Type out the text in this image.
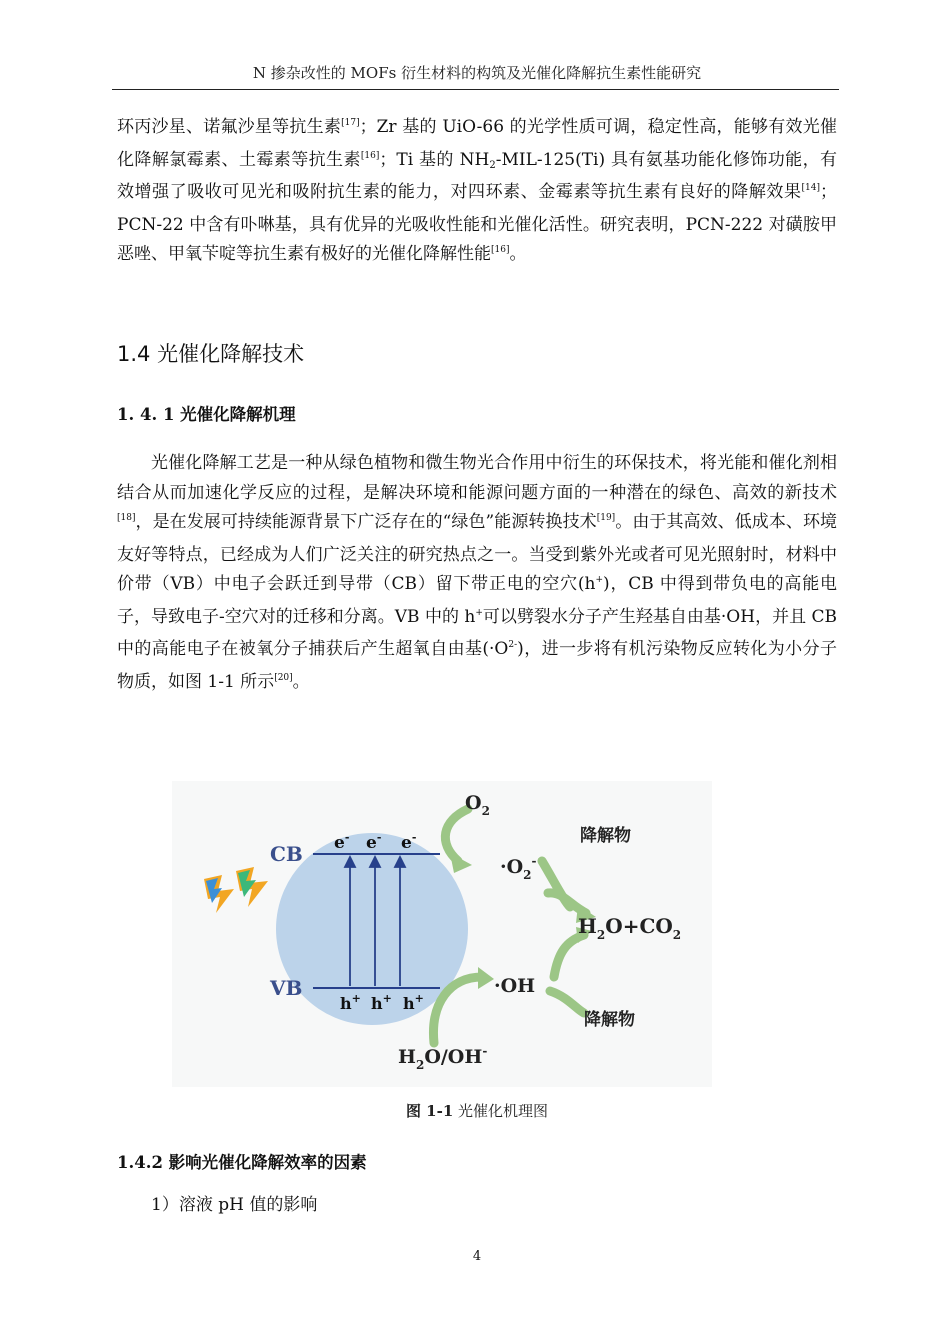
N 掺杂改性的 MOFs 衍生材料的构筑及光催化降解抗生素性能研究

环丙沙星、诺氟沙星等抗生素[17]；Zr 基的 UiO-66 的光学性质可调，稳定性高，能够有效光催化降解氯霉素、土霉素等抗生素[16]；Ti 基的 $NH_2-MIL-125(Ti)$ 具有氨基功能化修饰功能，有效增强了吸收可见光和吸附抗生素的能力，对四环素、金霉素等抗生素有良好的降解效果[14]；PCN-22 中含有卟啉基，具有优异的光吸收性能和光催化活性。研究表明，PCN-222 对磺胺甲恶唑、甲氧苄啶等抗生素有极好的光催化降解性能[16]。

1.4 光催化降解技术
1. 4. 1 光催化降解机理

光催化降解工艺是一种从绿色植物和微生物光合作用中衍生的环保技术，将光能和催化剂相结合从而加速化学反应的过程，是解决环境和能源问题方面的一种潜在的绿色、高效的新技术[18]，是在发展可持续能源背景下广泛存在的“绿色”能源转换技术[19]。由于其高效、低成本、环境友好等特点，已经成为人们广泛关注的研究热点之一。当受到紫外光或者可见光照射时，材料中价带（VB）中电子会跃迁到导带（CB）留下带正电的空穴(h+)，CB 中得到带负电的高能电子，导致电子-空穴对的迁移和分离。VB 中的 h+可以劈裂水分子产生羟基自由基·OH，并且 CB 中的高能电子在被氧分子捕获后产生超氧自由基$(\cdot O^{2-})$，进一步将有机污染物反应转化为小分子物质，如图 1-1 所示[20]。

CB
VB
e- e- e-
h+ h+ h+
$O_2$
$\cdot O_2^-$
降解物
$H_2O+CO_2$
·OH
降解物
$H_2O/OH^-$
图 1-1 光催化机理图
1.4.2 影响光催化降解效率的因素

1）溶液 pH 值的影响

4
